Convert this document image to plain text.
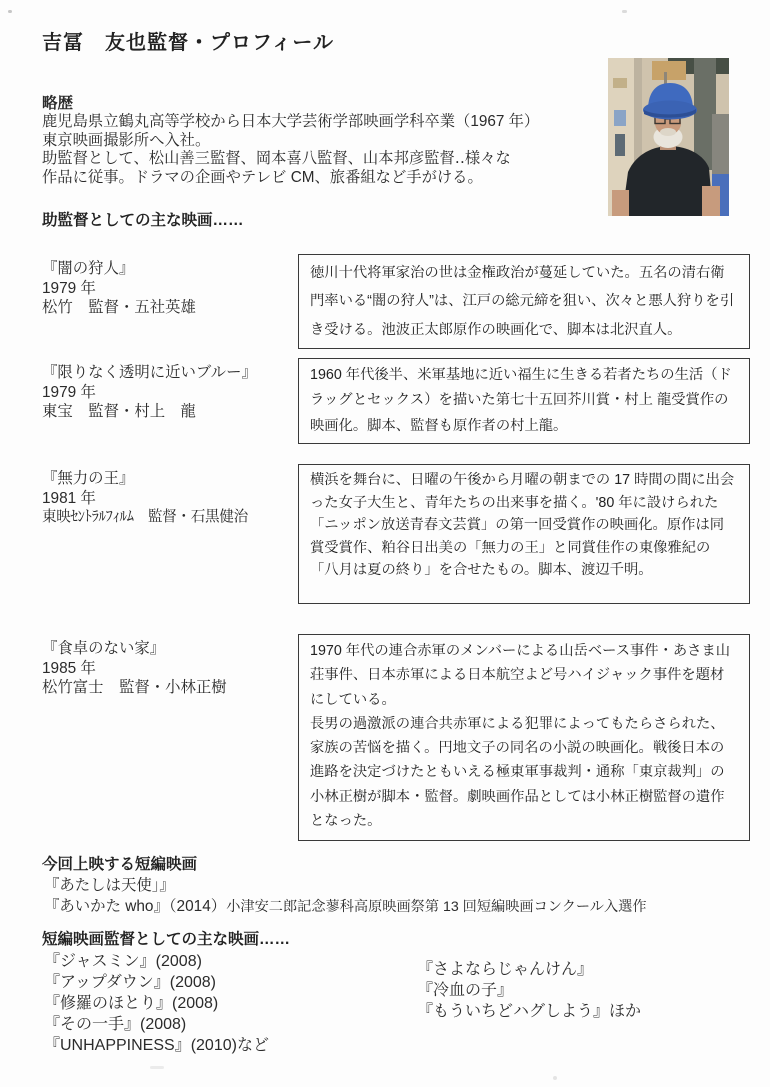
吉冨　友也監督・プロフィール
略歴
鹿児島県立鶴丸高等学校から日本大学芸術学部映画学科卒業（1967 年）
東京映画撮影所へ入社。
助監督として、松山善三監督、岡本喜八監督、山本邦彦監督‥様々な
作品に従事。ドラマの企画やテレビ CM、旅番組など手がける。
助監督としての主な映画……
『闇の狩人』
1979 年
松竹　監督・五社英雄

徳川十代将軍家治の世は金権政治が蔓延していた。五名の清右衛門率いる“闇の狩人”は、江戸の総元締を狙い、次々と悪人狩りを引き受ける。池波正太郎原作の映画化で、脚本は北沢直人。

『限りなく透明に近いブルー』
1979 年
東宝　監督・村上　龍

1960 年代後半、米軍基地に近い福生に生きる若者たちの生活（ドラッグとセックス）を描いた第七十五回芥川賞・村上 龍受賞作の映画化。脚本、監督も原作者の村上龍。

『無力の王』
1981 年
東映ｾﾝﾄﾗﾙﾌｨﾙﾑ　監督・石黒健治

横浜を舞台に、日曜の午後から月曜の朝までの 17 時間の間に出会った女子大生と、青年たちの出来事を描く。'80 年に設けられた「ニッポン放送青春文芸賞」の第一回受賞作の映画化。原作は同賞受賞作、粕谷日出美の「無力の王」と同賞佳作の東像雅紀の「八月は夏の終り」を合せたもの。脚本、渡辺千明。

『食卓のない家』
1985 年
松竹富士　監督・小林正樹

1970 年代の連合赤軍のメンバーによる山岳ベース事件・あさま山荘事件、日本赤軍による日本航空よど号ハイジャック事件を題材にしている。

長男の過激派の連合共赤軍による犯罪によってもたらさられた、家族の苦悩を描く。円地文子の同名の小説の映画化。戦後日本の進路を決定づけたともいえる極東軍事裁判・通称「東京裁判」の小林正樹が脚本・監督。劇映画作品としては小林正樹監督の遺作となった。

今回上映する短編映画
『あたしは天使」』
『あいかた who』（2014）小津安二郎記念蓼科高原映画祭第 13 回短編映画コンクール入選作
短編映画監督としての主な映画……
『ジャスミン』(2008)
『アップダウン』(2008)
『修羅のほとり』(2008)
『その一手』(2008)
『UNHAPPINESS』(2010)など
『さよならじゃんけん』
『冷血の子』
『もういちどハグしよう』ほか
